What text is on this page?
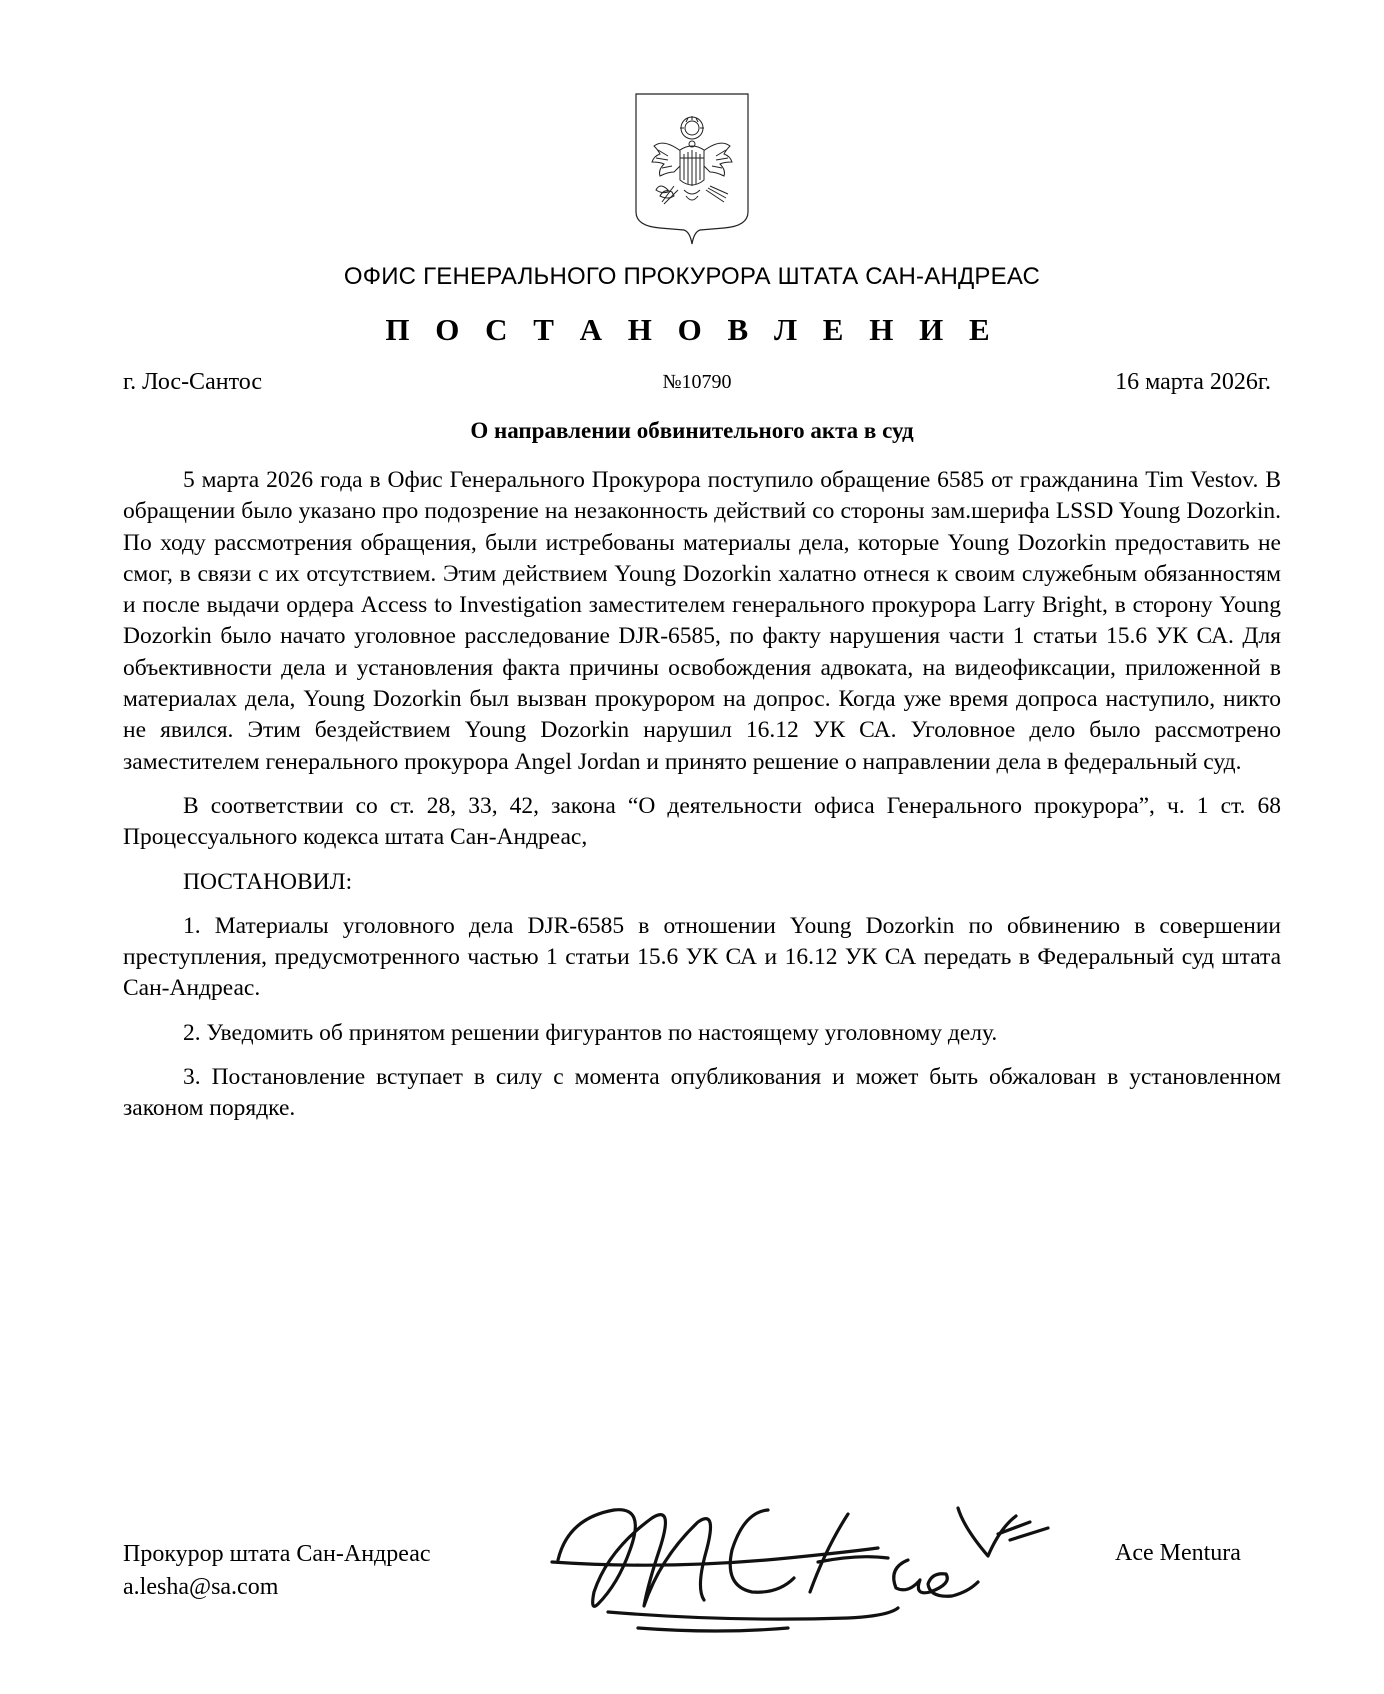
ОФИС ГЕНЕРАЛЬНОГО ПРОКУРОРА ШТАТА САН-АНДРЕАС
П О С Т А Н О В Л Е Н И Е
г. Лос-Сантос	№10790	16 марта 2026г.
О направлении обвинительного акта в суд

5 марта 2026 года в Офис Генерального Прокурора поступило обращение 6585 от гражданина Tim Vestov. В обращении было указано про подозрение на незаконность действий со стороны зам.шерифа LSSD Young Dozorkin. По ходу рассмотрения обращения, были истребованы материалы дела, которые Young Dozorkin предоставить не смог, в связи с их отсутствием. Этим действием Young Dozorkin халатно отнеся к своим служебным обязанностям и после выдачи ордера Access to Investigation заместителем генерального прокурора Larry Bright, в сторону Young Dozorkin было начато уголовное расследование DJR-6585, по факту нарушения части 1 статьи 15.6 УК СА. Для объективности дела и установления факта причины освобождения адвоката, на видеофиксации, приложенной в материалах дела, Young Dozorkin был вызван прокурором на допрос. Когда уже время допроса наступило, никто не явился. Этим бездействием Young Dozorkin нарушил 16.12 УК СА. Уголовное дело было рассмотрено заместителем генерального прокурора Angel Jordan и принято решение о направлении дела в федеральный суд.

В соответствии со ст. 28, 33, 42, закона “О деятельности офиса Генерального прокурора”, ч. 1 ст. 68 Процессуального кодекса штата Сан-Андреас,

ПОСТАНОВИЛ:

1. Материалы уголовного дела DJR-6585 в отношении Young Dozorkin по обвинению в совершении преступления, предусмотренного частью 1 статьи 15.6 УК СА и 16.12 УК СА передать в Федеральный суд штата Сан-Андреас.

2. Уведомить об принятом решении фигурантов по настоящему уголовному делу.

3. Постановление вступает в силу с момента опубликования и может быть обжалован в установленном законом порядке.

Прокурор штата Сан-Андреас
a.lesha@sa.com
Ace Mentura
